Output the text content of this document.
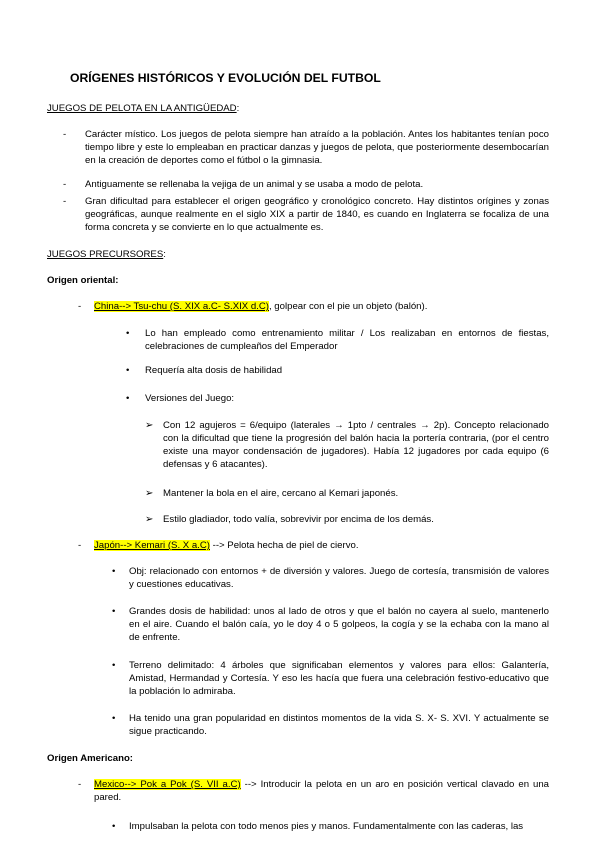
ORÍGENES HISTÓRICOS Y EVOLUCIÓN DEL FUTBOL
JUEGOS DE PELOTA EN LA ANTIGÜEDAD:
- Carácter místico. Los juegos de pelota siempre han atraído a la población. Antes los habitantes tenían poco tiempo libre y este lo empleaban en practicar danzas y juegos de pelota, que posteriormente desembocarían en la creación de deportes como el fútbol o la gimnasia.

- Antiguamente se rellenaba la vejiga de un animal y se usaba a modo de pelota.

- Gran dificultad para establecer el origen geográfico y cronológico concreto. Hay distintos orígines y zonas geográficas, aunque realmente en el siglo XIX a partir de 1840, es cuando en Inglaterra se focaliza de una forma concreta y se convierte en lo que actualmente es.

JUEGOS PRECURSORES:
Origen oriental:
- China--> Tsu-chu (S. XIX a.C- S.XIX d.C), golpear con el pie un objeto (balón).

• Lo han empleado como entrenamiento militar / Los realizaban en entornos de fiestas, celebraciones de cumpleaños del Emperador

• Requería alta dosis de habilidad

• Versiones del Juego:

➢ Con 12 agujeros = 6/equipo (laterales → 1pto / centrales → 2p). Concepto relacionado con la dificultad que tiene la progresión del balón hacia la portería contraria, (por el centro existe una mayor condensación de jugadores). Había 12 jugadores por cada equipo (6 defensas y 6 atacantes).

➢ Mantener la bola en el aire, cercano al Kemari japonés.

➢ Estilo gladiador, todo valía, sobrevivir por encima de los demás.

- Japón--> Kemari (S. X a.C) --> Pelota hecha de piel de ciervo.

• Obj: relacionado con entornos + de diversión y valores. Juego de cortesía, transmisión de valores y cuestiones educativas.

• Grandes dosis de habilidad: unos al lado de otros y que el balón no cayera al suelo, mantenerlo en el aire. Cuando el balón caía, yo le doy 4 o 5 golpeos, la cogía y se la echaba con la mano al de enfrente.

• Terreno delimitado: 4 árboles que significaban elementos y valores para ellos: Galantería, Amistad, Hermandad y Cortesía. Y eso les hacía que fuera una celebración festivo-educativo que la población lo admiraba.

• Ha tenido una gran popularidad en distintos momentos de la vida S. X- S. XVI. Y actualmente se sigue practicando.

Origen Americano:
- Mexico--> Pok a Pok (S. VII a.C) --> Introducir la pelota en un aro en posición vertical clavado en una pared.

• Impulsaban la pelota con todo menos pies y manos. Fundamentalmente con las caderas, las
